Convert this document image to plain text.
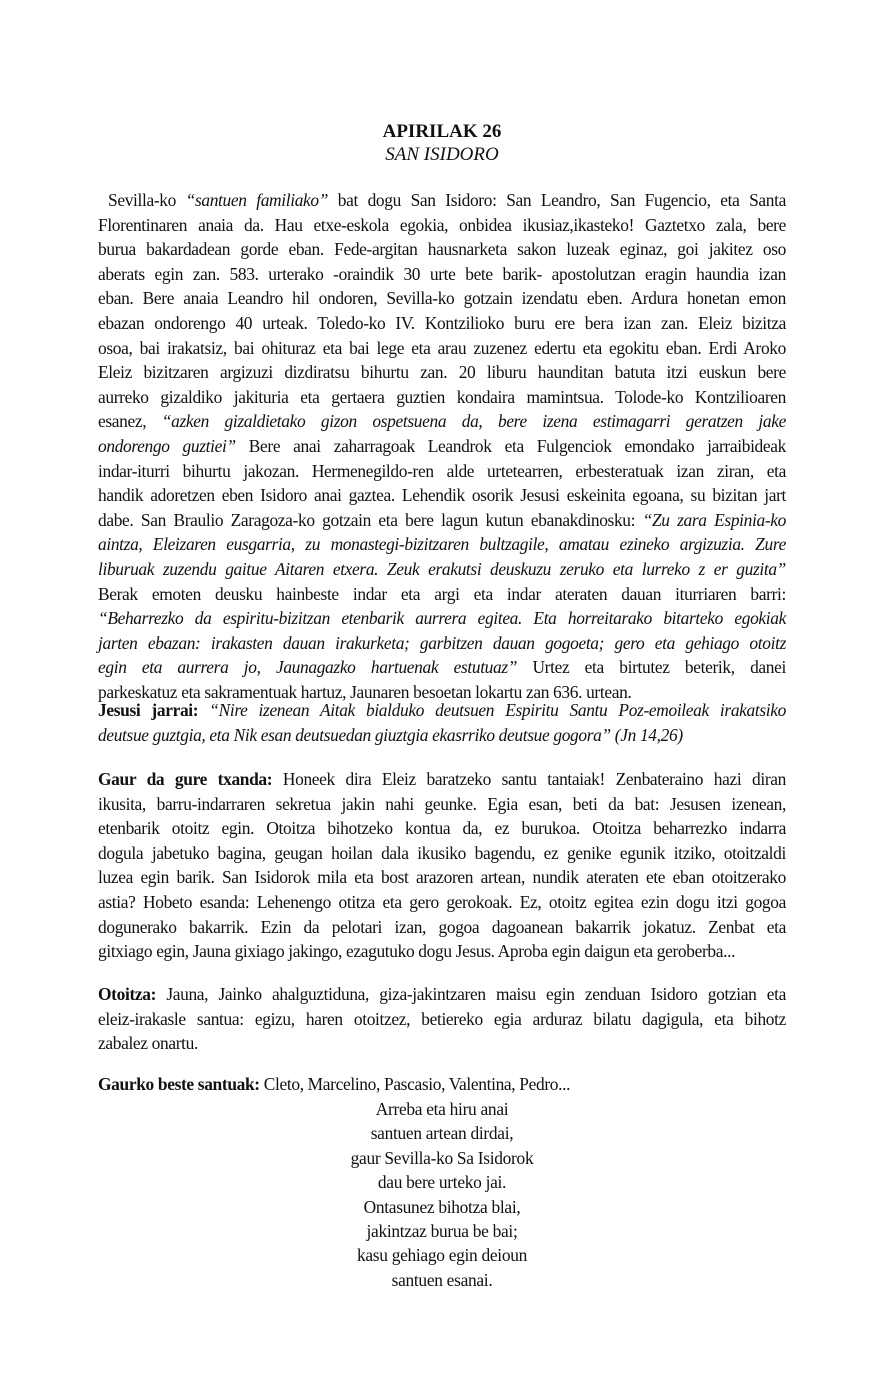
APIRILAK 26
SAN ISIDORO
Sevilla-ko “santuen familiako” bat dogu San Isidoro: San Leandro, San Fugencio, eta Santa
Florentinaren anaia da. Hau etxe-eskola egokia, onbidea ikusiaz,ikasteko! Gaztetxo zala, bere
burua bakardadean gorde eban. Fede-argitan hausnarketa sakon luzeak eginaz, goi jakitez oso
aberats egin zan. 583. urterako -oraindik 30 urte bete barik- apostolutzan eragin haundia izan
eban. Bere anaia Leandro hil ondoren, Sevilla-ko gotzain izendatu eben. Ardura honetan emon
ebazan ondorengo 40 urteak. Toledo-ko IV. Kontzilioko buru ere bera izan zan. Eleiz bizitza
osoa, bai irakatsiz, bai ohituraz eta bai lege eta arau zuzenez edertu eta egokitu eban. Erdi Aroko
Eleiz bizitzaren argizuzi dizdiratsu bihurtu zan. 20 liburu haunditan batuta itzi euskun bere
aurreko gizaldiko jakituria eta gertaera guztien kondaira mamintsua. Tolode-ko Kontzilioaren
esanez, “azken gizaldietako gizon ospetsuena da, bere izena estimagarri geratzen jake
ondorengo guztiei” Bere anai zaharragoak Leandrok eta Fulgenciok emondako jarraibideak
indar-iturri bihurtu jakozan. Hermenegildo-ren alde urtetearren, erbesteratuak izan ziran, eta
handik adoretzen eben Isidoro anai gaztea. Lehendik osorik Jesusi eskeinita egoana, su bizitan jart
dabe. San Braulio Zaragoza-ko gotzain eta bere lagun kutun ebanakdinosku: “Zu zara Espinia-ko
aintza, Eleizaren eusgarria, zu monastegi-bizitzaren bultzagile, amatau ezineko argizuzia. Zure
liburuak zuzendu gaitue Aitaren etxera. Zeuk erakutsi deuskuzu zeruko eta lurreko z er guzita”
Berak emoten deusku hainbeste indar eta argi eta indar ateraten dauan iturriaren barri:
“Beharrezko da espiritu-bizitzan etenbarik aurrera egitea. Eta horreitarako bitarteko egokiak
jarten ebazan: irakasten dauan irakurketa; garbitzen dauan gogoeta; gero eta gehiago otoitz
egin eta aurrera jo, Jaunagazko hartuenak estutuaz” Urtez eta birtutez beterik, danei
parkeskatuz eta sakramentuak hartuz, Jaunaren besoetan lokartu zan 636. urtean.
Jesusi jarrai: “Nire izenean Aitak bialduko deutsuen Espiritu Santu Poz-emoileak irakatsiko
deutsue guztgia, eta Nik esan deutsuedan giuztgia ekasrriko deutsue gogora” (Jn 14,26)
Gaur da gure txanda: Honeek dira Eleiz baratzeko santu tantaiak! Zenbateraino hazi diran
ikusita, barru-indarraren sekretua jakin nahi geunke. Egia esan, beti da bat: Jesusen izenean,
etenbarik otoitz egin. Otoitza bihotzeko kontua da, ez burukoa. Otoitza beharrezko indarra
dogula jabetuko bagina, geugan hoilan dala ikusiko bagendu, ez genike egunik itziko, otoitzaldi
luzea egin barik. San Isidorok mila eta bost arazoren artean, nundik ateraten ete eban otoitzerako
astia? Hobeto esanda: Lehenengo otitza eta gero gerokoak. Ez, otoitz egitea ezin dogu itzi gogoa
dogunerako bakarrik. Ezin da pelotari izan, gogoa dagoanean bakarrik jokatuz. Zenbat eta
gitxiago egin, Jauna gixiago jakingo, ezagutuko dogu Jesus. Aproba egin daigun eta geroberba...
Otoitza: Jauna, Jainko ahalguztiduna, giza-jakintzaren maisu egin zenduan Isidoro gotzian eta
eleiz-irakasle santua: egizu, haren otoitzez, betiereko egia arduraz bilatu dagigula, eta bihotz
zabalez onartu.
Gaurko beste santuak: Cleto, Marcelino, Pascasio, Valentina, Pedro...
Arreba eta hiru anai
santuen artean dirdai,
gaur Sevilla-ko Sa Isidorok
dau bere urteko jai.
Ontasunez bihotza blai,
jakintzaz burua be bai;
kasu gehiago egin deioun
santuen esanai.
